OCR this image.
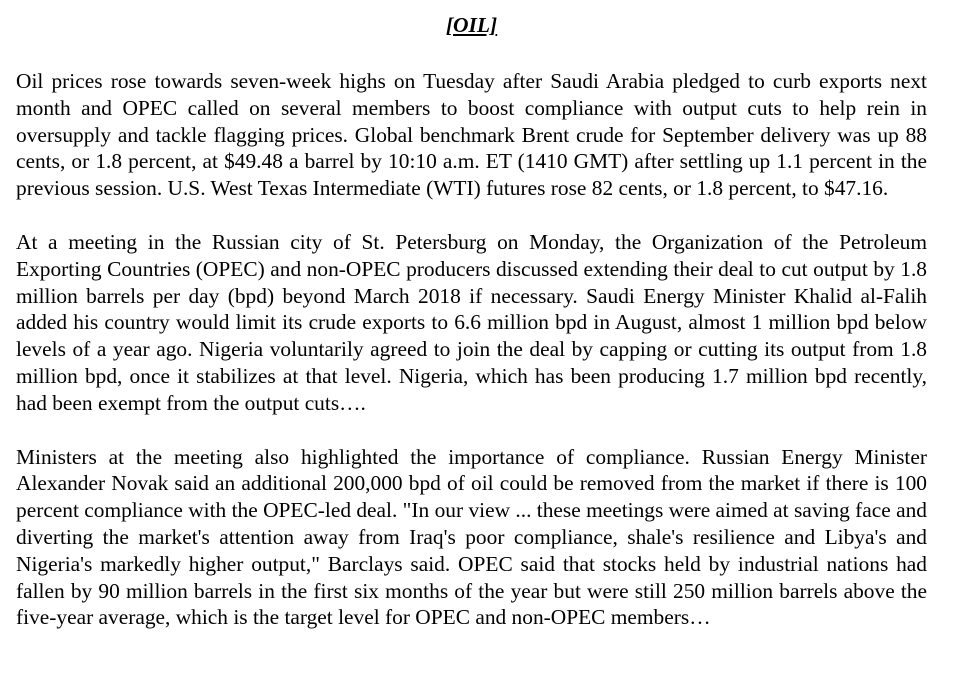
[OIL]

Oil prices rose towards seven-week highs on Tuesday after Saudi Arabia pledged to curb exports next month and OPEC called on several members to boost compliance with output cuts to help rein in oversupply and tackle flagging prices. Global benchmark Brent crude for September delivery was up 88 cents, or 1.8 percent, at $49.48 a barrel by 10:10 a.m. ET (1410 GMT) after settling up 1.1 percent in the previous session. U.S. West Texas Intermediate (WTI) futures rose 82 cents, or 1.8 percent, to $47.16.

At a meeting in the Russian city of St. Petersburg on Monday, the Organization of the Petroleum Exporting Countries (OPEC) and non-OPEC producers discussed extending their deal to cut output by 1.8 million barrels per day (bpd) beyond March 2018 if necessary. Saudi Energy Minister Khalid al-Falih added his country would limit its crude exports to 6.6 million bpd in August, almost 1 million bpd below levels of a year ago. Nigeria voluntarily agreed to join the deal by capping or cutting its output from 1.8 million bpd, once it stabilizes at that level. Nigeria, which has been producing 1.7 million bpd recently, had been exempt from the output cuts….

Ministers at the meeting also highlighted the importance of compliance. Russian Energy Minister Alexander Novak said an additional 200,000 bpd of oil could be removed from the market if there is 100 percent compliance with the OPEC-led deal. "In our view ... these meetings were aimed at saving face and diverting the market's attention away from Iraq's poor compliance, shale's resilience and Libya's and Nigeria's markedly higher output," Barclays said. OPEC said that stocks held by industrial nations had fallen by 90 million barrels in the first six months of the year but were still 250 million barrels above the five-year average, which is the target level for OPEC and non-OPEC members…
